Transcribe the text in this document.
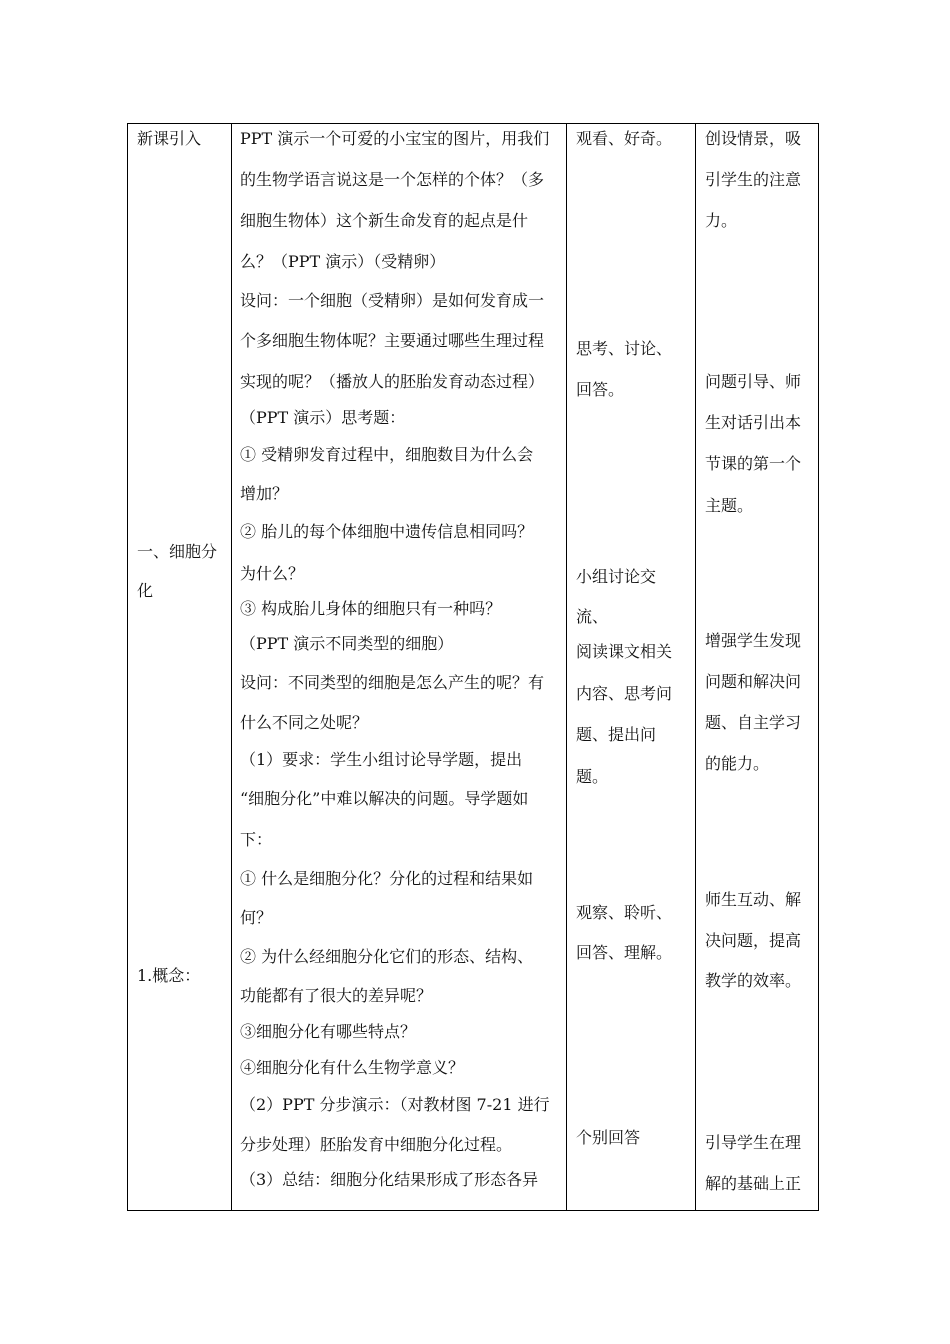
新课引入
一、细胞分
化
1.概念：
PPT 演示一个可爱的小宝宝的图片，用我们
的生物学语言说这是一个怎样的个体？（多
细胞生物体）这个新生命发育的起点是什
么？（PPT 演示）（受精卵）
设问：一个细胞（受精卵）是如何发育成一
个多细胞生物体呢？主要通过哪些生理过程
实现的呢？（播放人的胚胎发育动态过程）
（PPT 演示）思考题：
① 受精卵发育过程中，细胞数目为什么会
增加？
② 胎儿的每个体细胞中遗传信息相同吗？
为什么？
③ 构成胎儿身体的细胞只有一种吗？
（PPT 演示不同类型的细胞）
设问：不同类型的细胞是怎么产生的呢？有
什么不同之处呢？
（1）要求：学生小组讨论导学题，提出
“细胞分化”中难以解决的问题。导学题如
下：
① 什么是细胞分化？分化的过程和结果如
何？
② 为什么经细胞分化它们的形态、结构、
功能都有了很大的差异呢？
③细胞分化有哪些特点？
④细胞分化有什么生物学意义？
（2）PPT 分步演示：（对教材图 7-21 进行
分步处理）胚胎发育中细胞分化过程。
（3）总结：细胞分化结果形成了形态各异
观看、好奇。
思考、讨论、
回答。
小组讨论交
流、
阅读课文相关
内容、思考问
题、提出问
题。
观察、聆听、
回答、理解。
个别回答
创设情景，吸
引学生的注意
力。
问题引导、师
生对话引出本
节课的第一个
主题。
增强学生发现
问题和解决问
题、自主学习
的能力。
师生互动、解
决问题，提高
教学的效率。
引导学生在理
解的基础上正
